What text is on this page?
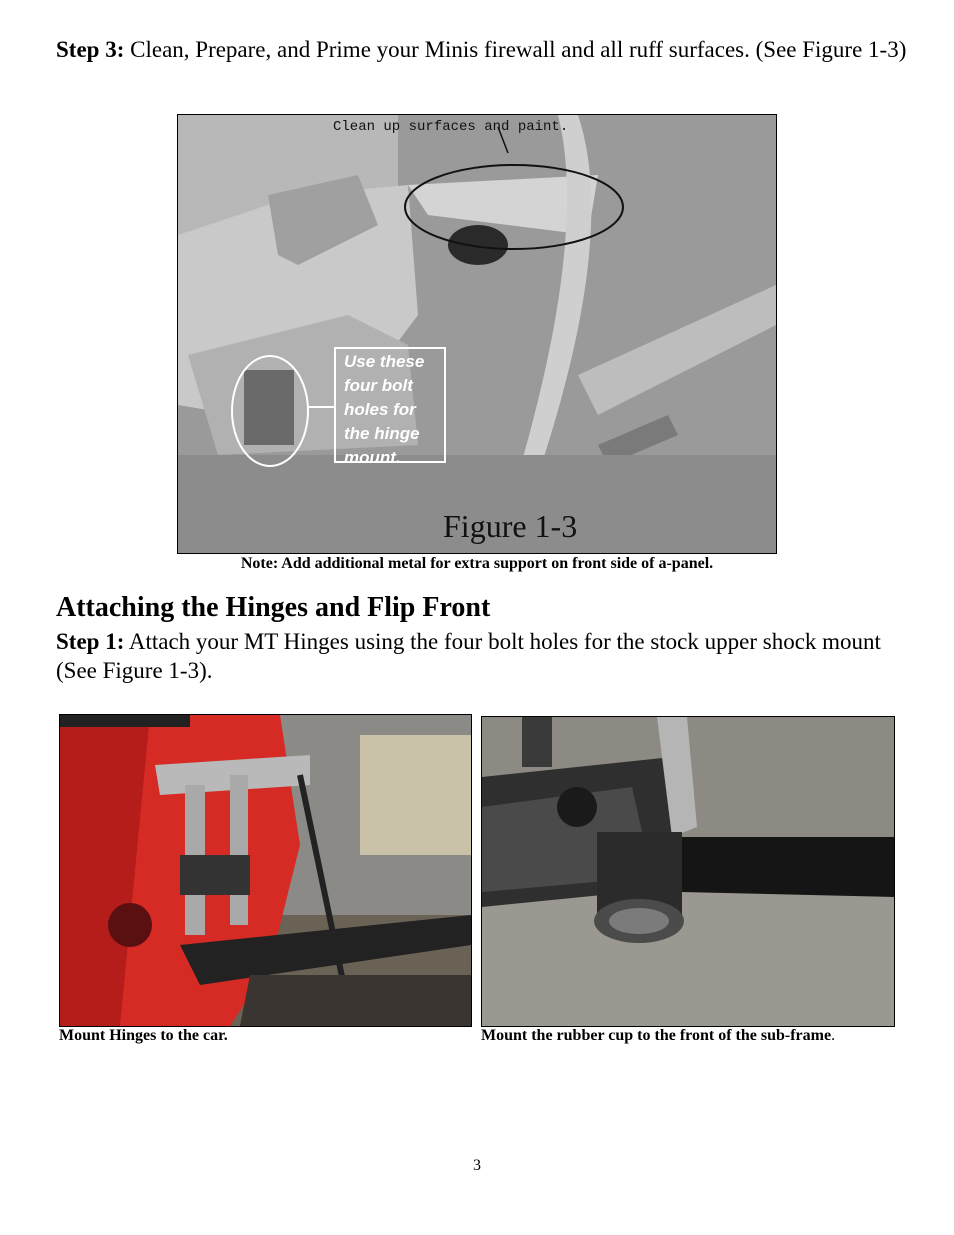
Step 3: Clean, Prepare, and Prime your Minis firewall and all ruff surfaces. (See Figure 1-3)
Clean up surfaces and paint.
Use these four bolt holes for the hinge mount.
Figure 1-3
Note: Add additional metal for extra support on front side of a-panel.
Attaching the Hinges and Flip Front
Step 1: Attach your MT Hinges using the four bolt holes for the stock upper shock mount (See Figure 1-3).
Mount Hinges to the car.	Mount the rubber cup to the front of the sub-frame.
3
